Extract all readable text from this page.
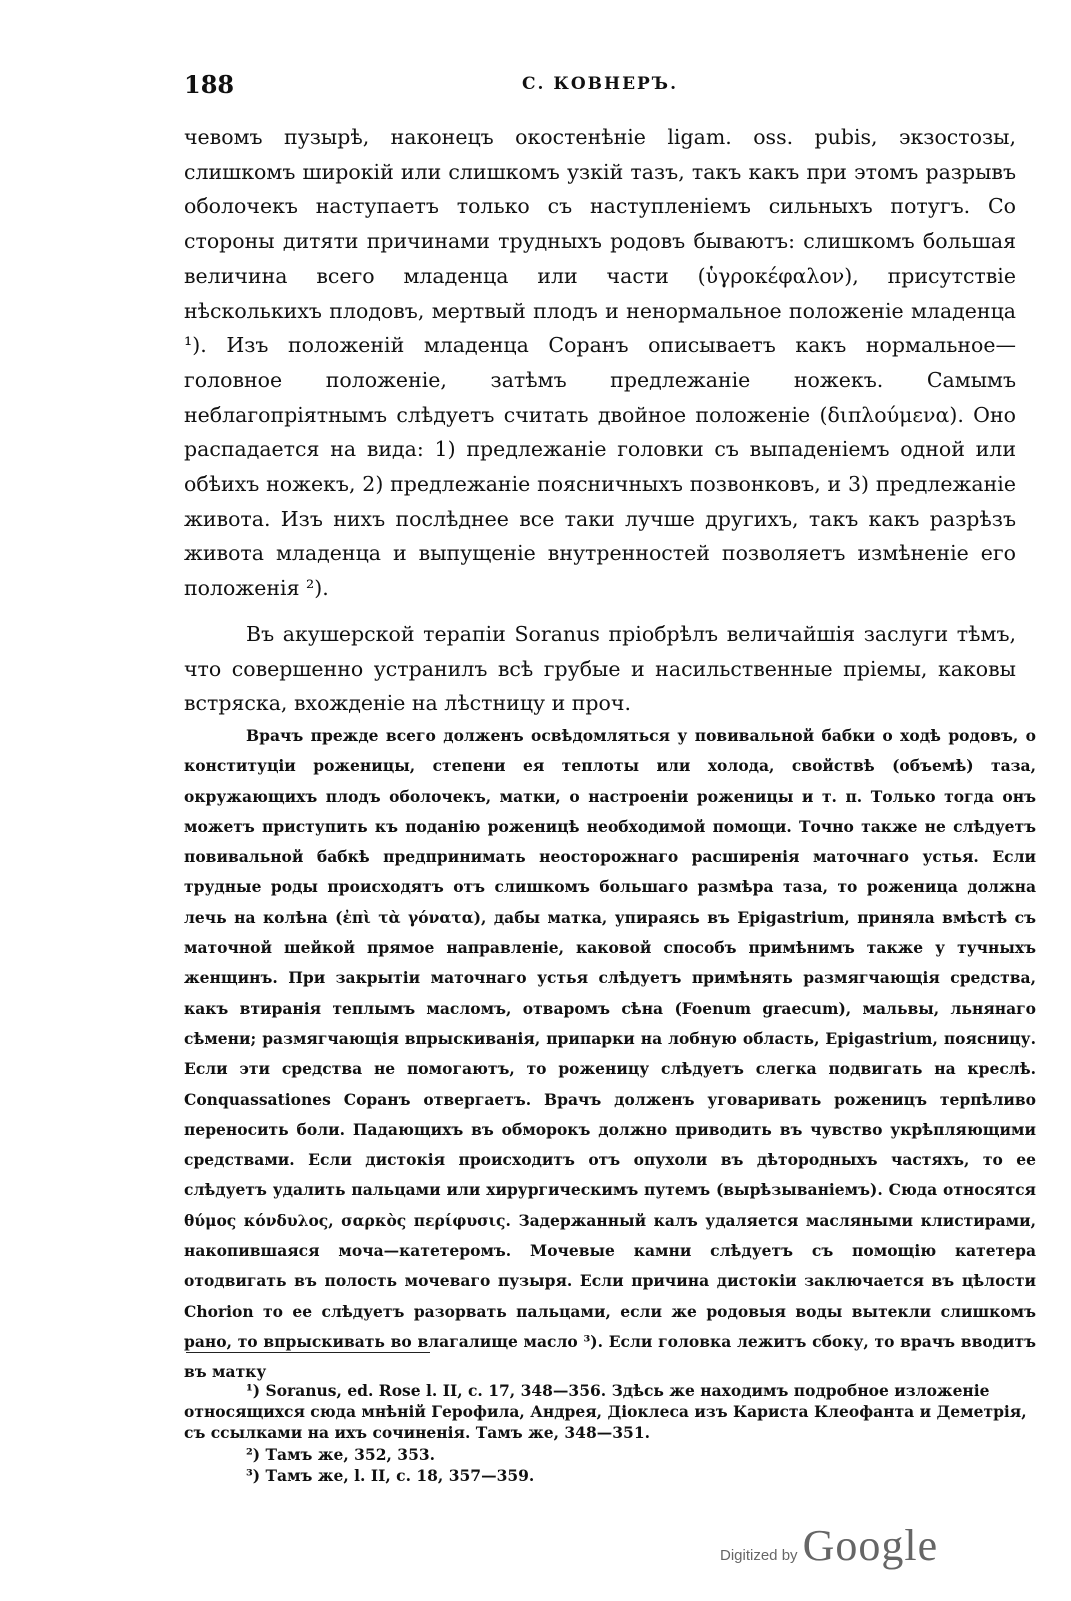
188	С. КОВНЕРЪ.

чевомъ пузырѣ, наконецъ окостенѣніе ligam. oss. pubis, экзостозы, слишкомъ широкій или слишкомъ узкій тазъ, такъ какъ при этомъ разрывъ оболочекъ наступаетъ только съ наступленіемъ сильныхъ потугъ. Со стороны дитяти причинами трудныхъ родовъ бываютъ: слишкомъ большая величина всего младенца или части (ὑγροκέφαλον), присутствіе нѣсколькихъ плодовъ, мертвый плодъ и ненормальное положеніе младенца ¹). Изъ положеній младенца Соранъ описываетъ какъ нормальное—головное положеніе, затѣмъ предлежаніе ножекъ. Самымъ неблагопріятнымъ слѣдуетъ считать двойное положеніе (διπλούμενα). Оно распадается на вида: 1) предлежаніе головки съ выпаденіемъ одной или обѣихъ ножекъ, 2) предлежаніе поясничныхъ позвонковъ, и 3) предлежаніе живота. Изъ нихъ послѣднее все таки лучше другихъ, такъ какъ разрѣзъ живота младенца и выпущеніе внутренностей позволяетъ измѣненіе его положенія ²).

Въ акушерской терапіи Soranus пріобрѣлъ величайшія заслуги тѣмъ, что совершенно устранилъ всѣ грубые и насильственные пріемы, каковы встряска, вхожденіе на лѣстницу и проч.

Врачъ прежде всего долженъ освѣдомляться у повивальной бабки о ходѣ родовъ, о конституціи роженицы, степени ея теплоты или холода, свойствѣ (объемѣ) таза, окружающихъ плодъ оболочекъ, матки, о настроеніи роженицы и т. п. Только тогда онъ можетъ приступить къ поданію роженицѣ необходимой помощи. Точно также не слѣдуетъ повивальной бабкѣ предпринимать неосторожнаго расширенія маточнаго устья. Если трудные роды происходятъ отъ слишкомъ большаго размѣра таза, то роженица должна лечь на колѣна (ἐπὶ τὰ γόνατα), дабы матка, упираясь въ Epigastrium, приняла вмѣстѣ съ маточной шейкой прямое направленіе, каковой способъ примѣнимъ также у тучныхъ женщинъ. При закрытіи маточнаго устья слѣдуетъ примѣнять размягчающія средства, какъ втиранія теплымъ масломъ, отваромъ сѣна (Foenum graecum), мальвы, льнянаго сѣмени; размягчающія впрыскиванія, припарки на лобную область, Epigastrium, поясницу. Если эти средства не помогаютъ, то роженицу слѣдуетъ слегка подвигать на креслѣ. Conquassationes Соранъ отвергаетъ. Врачъ долженъ уговаривать роженицъ терпѣливо переносить боли. Падающихъ въ обморокъ должно приводить въ чувство укрѣпляющими средствами. Если дистокія происходитъ отъ опухоли въ дѣтородныхъ частяхъ, то ее слѣдуетъ удалить пальцами или хирургическимъ путемъ (вырѣзываніемъ). Сюда относятся θύμος κόνδυλος, σαρκὸς περίφυσις. Задержанный калъ удаляется масляными клистирами, накопившаяся моча—катетеромъ. Мочевые камни слѣдуетъ съ помощію катетера отодвигать въ полость мочеваго пузыря. Если причина дистокіи заключается въ цѣлости Chorion то ее слѣдуетъ разорвать пальцами, если же родовыя воды вытекли слишкомъ рано, то впрыскивать во влагалище масло ³). Если головка лежитъ сбоку, то врачъ вводитъ въ матку

¹) Soranus, ed. Rose l. II, c. 17, 348—356. Здѣсь же находимъ подробное изложеніе относящихся сюда мнѣній Герофила, Андрея, Діоклеса изъ Кариста Клеофанта и Деметрія, съ ссылками на ихъ сочиненія. Тамъ же, 348—351.

²) Тамъ же, 352, 353.

³) Тамъ же, l. II, c. 18, 357—359.

Digitized by Google
